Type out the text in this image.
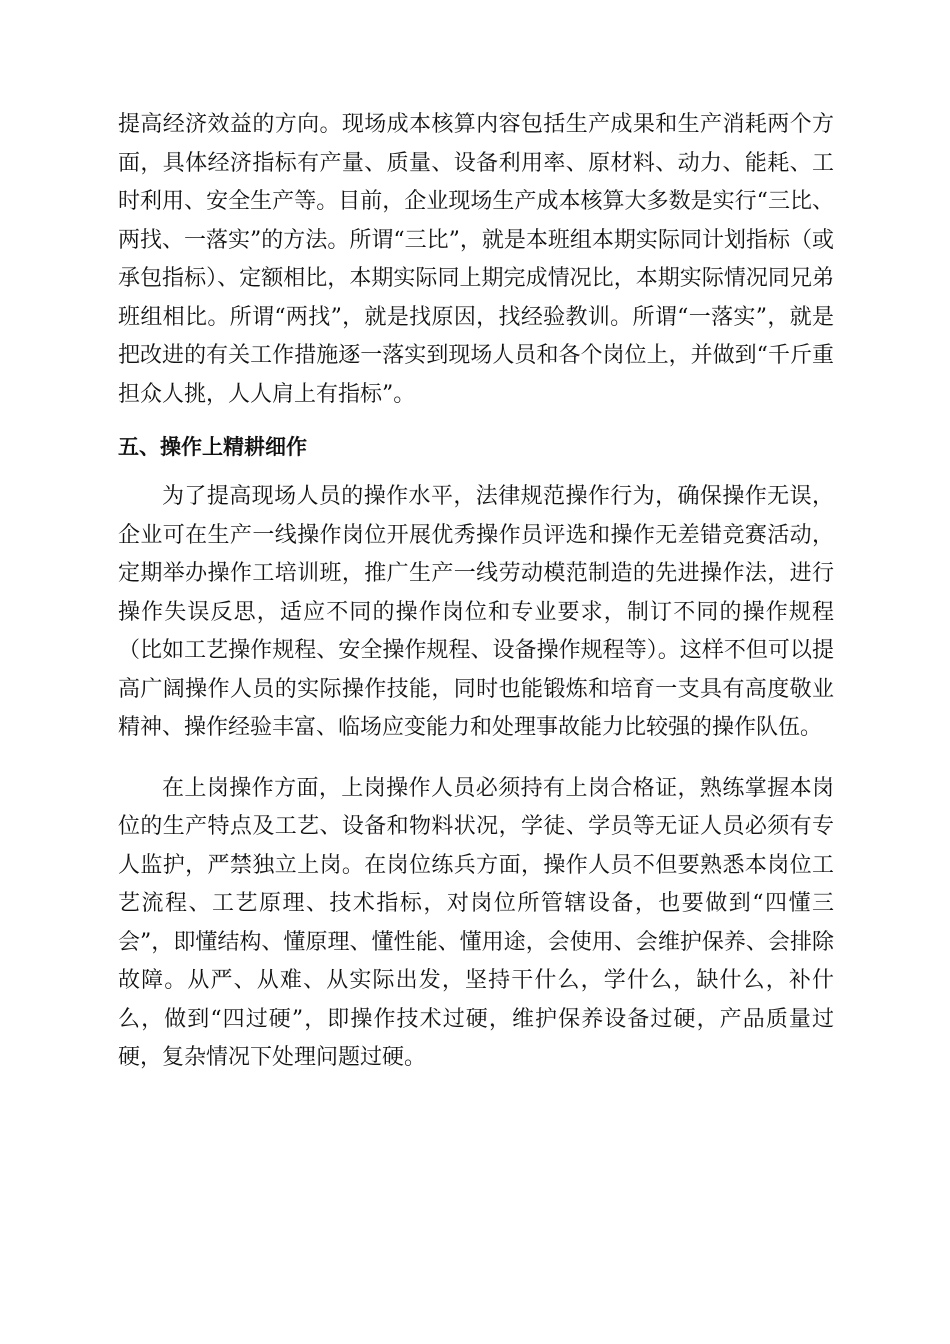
提高经济效益的方向。现场成本核算内容包括生产成果和生产消耗两个方面，具体经济指标有产量、质量、设备利用率、原材料、动力、能耗、工时利用、安全生产等。目前，企业现场生产成本核算大多数是实行“三比、两找、一落实”的方法。所谓“三比”，就是本班组本期实际同计划指标（或承包指标）、定额相比，本期实际同上期完成情况比，本期实际情况同兄弟班组相比。所谓“两找”，就是找原因，找经验教训。所谓“一落实”，就是把改进的有关工作措施逐一落实到现场人员和各个岗位上，并做到“千斤重担众人挑，人人肩上有指标”。

五、操作上精耕细作

为了提高现场人员的操作水平，法律规范操作行为，确保操作无误，企业可在生产一线操作岗位开展优秀操作员评选和操作无差错竞赛活动，定期举办操作工培训班，推广生产一线劳动模范制造的先进操作法，进行操作失误反思，适应不同的操作岗位和专业要求，制订不同的操作规程（比如工艺操作规程、安全操作规程、设备操作规程等）。这样不但可以提高广阔操作人员的实际操作技能，同时也能锻炼和培育一支具有高度敬业精神、操作经验丰富、临场应变能力和处理事故能力比较强的操作队伍。

在上岗操作方面，上岗操作人员必须持有上岗合格证，熟练掌握本岗位的生产特点及工艺、设备和物料状况，学徒、学员等无证人员必须有专人监护，严禁独立上岗。在岗位练兵方面，操作人员不但要熟悉本岗位工艺流程、工艺原理、技术指标，对岗位所管辖设备，也要做到“四懂三会”，即懂结构、懂原理、懂性能、懂用途，会使用、会维护保养、会排除故障。从严、从难、从实际出发，坚持干什么，学什么，缺什么，补什么，做到“四过硬”，即操作技术过硬，维护保养设备过硬，产品质量过硬，复杂情况下处理问题过硬。
